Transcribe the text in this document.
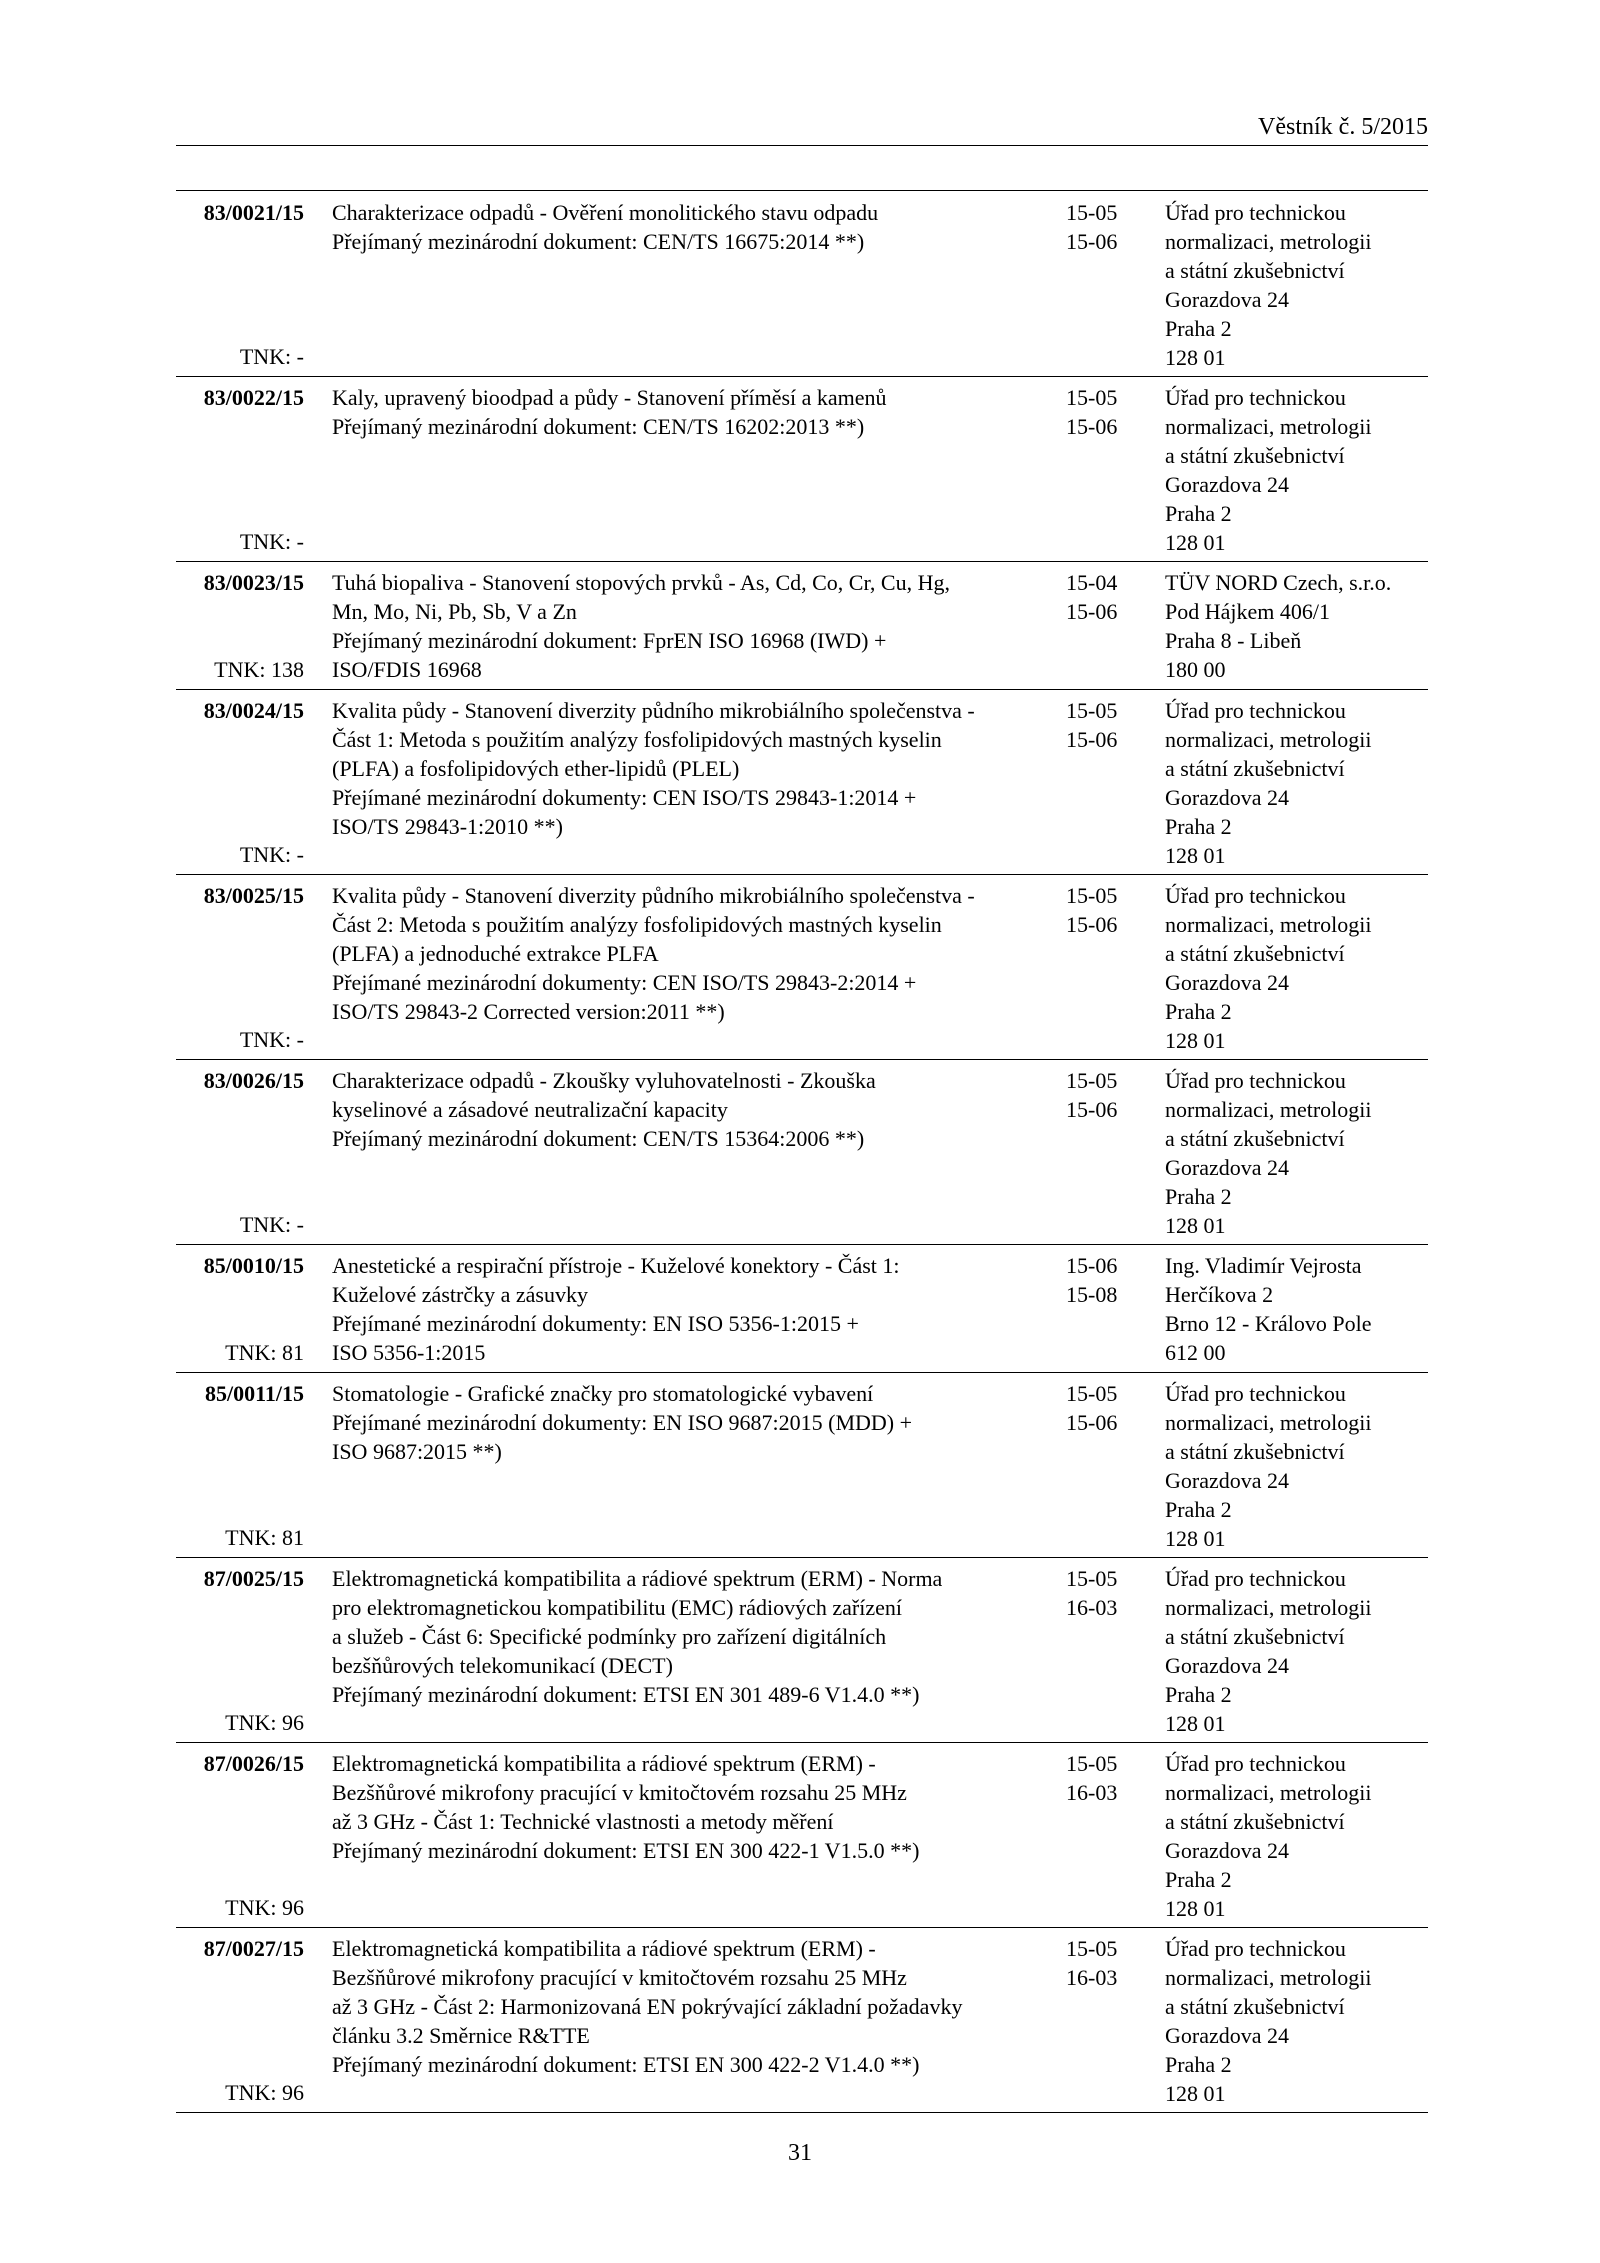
Věstník č. 5/2015
83/0021/15
TNK: -
Charakterizace odpadů - Ověření monolitického stavu odpadu
Přejímaný mezinárodní dokument: CEN/TS 16675:2014 **)
15-05
15-06
Úřad pro technickou
normalizaci, metrologii
a státní zkušebnictví
Gorazdova 24
Praha 2
128 01
83/0022/15
TNK: -
Kaly, upravený bioodpad a půdy - Stanovení příměsí a kamenů
Přejímaný mezinárodní dokument: CEN/TS 16202:2013 **)
15-05
15-06
Úřad pro technickou
normalizaci, metrologii
a státní zkušebnictví
Gorazdova 24
Praha 2
128 01
83/0023/15
TNK: 138
Tuhá biopaliva - Stanovení stopových prvků - As, Cd, Co, Cr, Cu, Hg,
Mn, Mo, Ni, Pb, Sb, V a Zn
Přejímaný mezinárodní dokument: FprEN ISO 16968 (IWD) +
ISO/FDIS 16968
15-04
15-06
TÜV NORD Czech, s.r.o.
Pod Hájkem 406/1
Praha 8 - Libeň
180 00
83/0024/15
TNK: -
Kvalita půdy - Stanovení diverzity půdního mikrobiálního společenstva -
Část 1: Metoda s použitím analýzy fosfolipidových mastných kyselin
(PLFA) a fosfolipidových ether-lipidů (PLEL)
Přejímané mezinárodní dokumenty: CEN ISO/TS 29843-1:2014 +
ISO/TS 29843-1:2010 **)
15-05
15-06
Úřad pro technickou
normalizaci, metrologii
a státní zkušebnictví
Gorazdova 24
Praha 2
128 01
83/0025/15
TNK: -
Kvalita půdy - Stanovení diverzity půdního mikrobiálního společenstva -
Část 2: Metoda s použitím analýzy fosfolipidových mastných kyselin
(PLFA) a jednoduché extrakce PLFA
Přejímané mezinárodní dokumenty: CEN ISO/TS 29843-2:2014 +
ISO/TS 29843-2 Corrected version:2011 **)
15-05
15-06
Úřad pro technickou
normalizaci, metrologii
a státní zkušebnictví
Gorazdova 24
Praha 2
128 01
83/0026/15
TNK: -
Charakterizace odpadů - Zkoušky vyluhovatelnosti - Zkouška
kyselinové a zásadové neutralizační kapacity
Přejímaný mezinárodní dokument: CEN/TS 15364:2006 **)
15-05
15-06
Úřad pro technickou
normalizaci, metrologii
a státní zkušebnictví
Gorazdova 24
Praha 2
128 01
85/0010/15
TNK: 81
Anestetické a respirační přístroje - Kuželové konektory - Část 1:
Kuželové zástrčky a zásuvky
Přejímané mezinárodní dokumenty: EN ISO 5356-1:2015 +
ISO 5356-1:2015
15-06
15-08
Ing. Vladimír Vejrosta
Herčíkova 2
Brno 12 - Královo Pole
612 00
85/0011/15
TNK: 81
Stomatologie - Grafické značky pro stomatologické vybavení
Přejímané mezinárodní dokumenty: EN ISO 9687:2015 (MDD) +
ISO 9687:2015 **)
15-05
15-06
Úřad pro technickou
normalizaci, metrologii
a státní zkušebnictví
Gorazdova 24
Praha 2
128 01
87/0025/15
TNK: 96
Elektromagnetická kompatibilita a rádiové spektrum (ERM) - Norma
pro elektromagnetickou kompatibilitu (EMC) rádiových zařízení
a služeb - Část 6: Specifické podmínky pro zařízení digitálních
bezšňůrových telekomunikací (DECT)
Přejímaný mezinárodní dokument: ETSI EN 301 489-6 V1.4.0 **)
15-05
16-03
Úřad pro technickou
normalizaci, metrologii
a státní zkušebnictví
Gorazdova 24
Praha 2
128 01
87/0026/15
TNK: 96
Elektromagnetická kompatibilita a rádiové spektrum (ERM) -
Bezšňůrové mikrofony pracující v kmitočtovém rozsahu 25 MHz
až 3 GHz - Část 1: Technické vlastnosti a metody měření
Přejímaný mezinárodní dokument: ETSI EN 300 422-1 V1.5.0 **)
15-05
16-03
Úřad pro technickou
normalizaci, metrologii
a státní zkušebnictví
Gorazdova 24
Praha 2
128 01
87/0027/15
TNK: 96
Elektromagnetická kompatibilita a rádiové spektrum (ERM) -
Bezšňůrové mikrofony pracující v kmitočtovém rozsahu 25 MHz
až 3 GHz - Část 2: Harmonizovaná EN pokrývající základní požadavky
článku 3.2 Směrnice R&TTE
Přejímaný mezinárodní dokument: ETSI EN 300 422-2 V1.4.0 **)
15-05
16-03
Úřad pro technickou
normalizaci, metrologii
a státní zkušebnictví
Gorazdova 24
Praha 2
128 01
31
